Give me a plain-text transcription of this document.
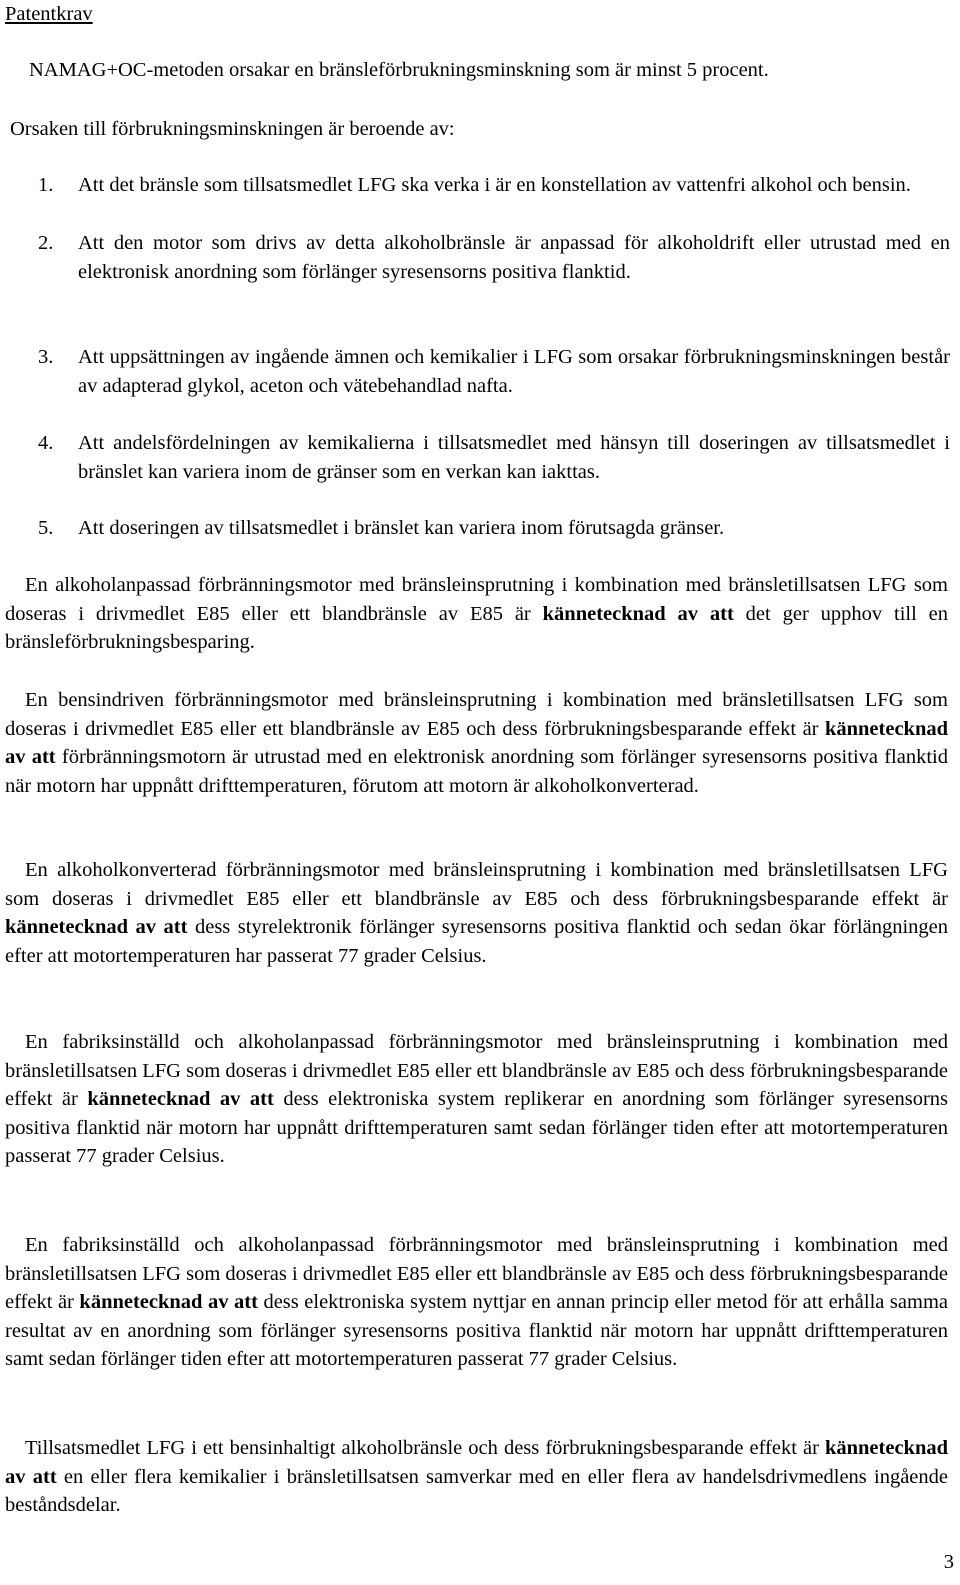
Patentkrav

NAMAG+OC-metoden orsakar en bränsleförbrukningsminskning som är minst 5 procent.

Orsaken till förbrukningsminskningen är beroende av:

1. Att det bränsle som tillsatsmedlet LFG ska verka i är en konstellation av vattenfri alkohol och bensin.
2. Att den motor som drivs av detta alkoholbränsle är anpassad för alkoholdrift eller utrustad med en elektronisk anordning som förlänger syresensorns positiva flanktid.
3. Att uppsättningen av ingående ämnen och kemikalier i LFG som orsakar förbrukningsminskningen består av adapterad glykol, aceton och vätebehandlad nafta.
4. Att andelsfördelningen av kemikalierna i tillsatsmedlet med hänsyn till doseringen av tillsatsmedlet i bränslet kan variera inom de gränser som en verkan kan iakttas.
5. Att doseringen av tillsatsmedlet i bränslet kan variera inom förutsagda gränser.

En alkoholanpassad förbränningsmotor med bränsleinsprutning i kombination med bränsletillsatsen LFG som doseras i drivmedlet E85 eller ett blandbränsle av E85 är kännetecknad av att det ger upphov till en bränsleförbrukningsbesparing.

En bensindriven förbränningsmotor med bränsleinsprutning i kombination med bränsletillsatsen LFG som doseras i drivmedlet E85 eller ett blandbränsle av E85 och dess förbrukningsbesparande effekt är kännetecknad av att förbränningsmotorn är utrustad med en elektronisk anordning som förlänger syresensorns positiva flanktid när motorn har uppnått drifttemperaturen, förutom att motorn är alkoholkonverterad.

En alkoholkonverterad förbränningsmotor med bränsleinsprutning i kombination med bränsletillsatsen LFG som doseras i drivmedlet E85 eller ett blandbränsle av E85 och dess förbrukningsbesparande effekt är kännetecknad av att dess styrelektronik förlänger syresensorns positiva flanktid och sedan ökar förlängningen efter att motortemperaturen har passerat 77 grader Celsius.

En fabriksinställd och alkoholanpassad förbränningsmotor med bränsleinsprutning i kombination med bränsletillsatsen LFG som doseras i drivmedlet E85 eller ett blandbränsle av E85 och dess förbrukningsbesparande effekt är kännetecknad av att dess elektroniska system replikerar en anordning som förlänger syresensorns positiva flanktid när motorn har uppnått drifttemperaturen samt sedan förlänger tiden efter att motortemperaturen passerat 77 grader Celsius.

En fabriksinställd och alkoholanpassad förbränningsmotor med bränsleinsprutning i kombination med bränsletillsatsen LFG som doseras i drivmedlet E85 eller ett blandbränsle av E85 och dess förbrukningsbesparande effekt är kännetecknad av att dess elektroniska system nyttjar en annan princip eller metod för att erhålla samma resultat av en anordning som förlänger syresensorns positiva flanktid när motorn har uppnått drifttemperaturen samt sedan förlänger tiden efter att motortemperaturen passerat 77 grader Celsius.

Tillsatsmedlet LFG i ett bensinhaltigt alkoholbränsle och dess förbrukningsbesparande effekt är kännetecknad av att en eller flera kemikalier i bränsletillsatsen samverkar med en eller flera av handelsdrivmedlens ingående beståndsdelar.

3
